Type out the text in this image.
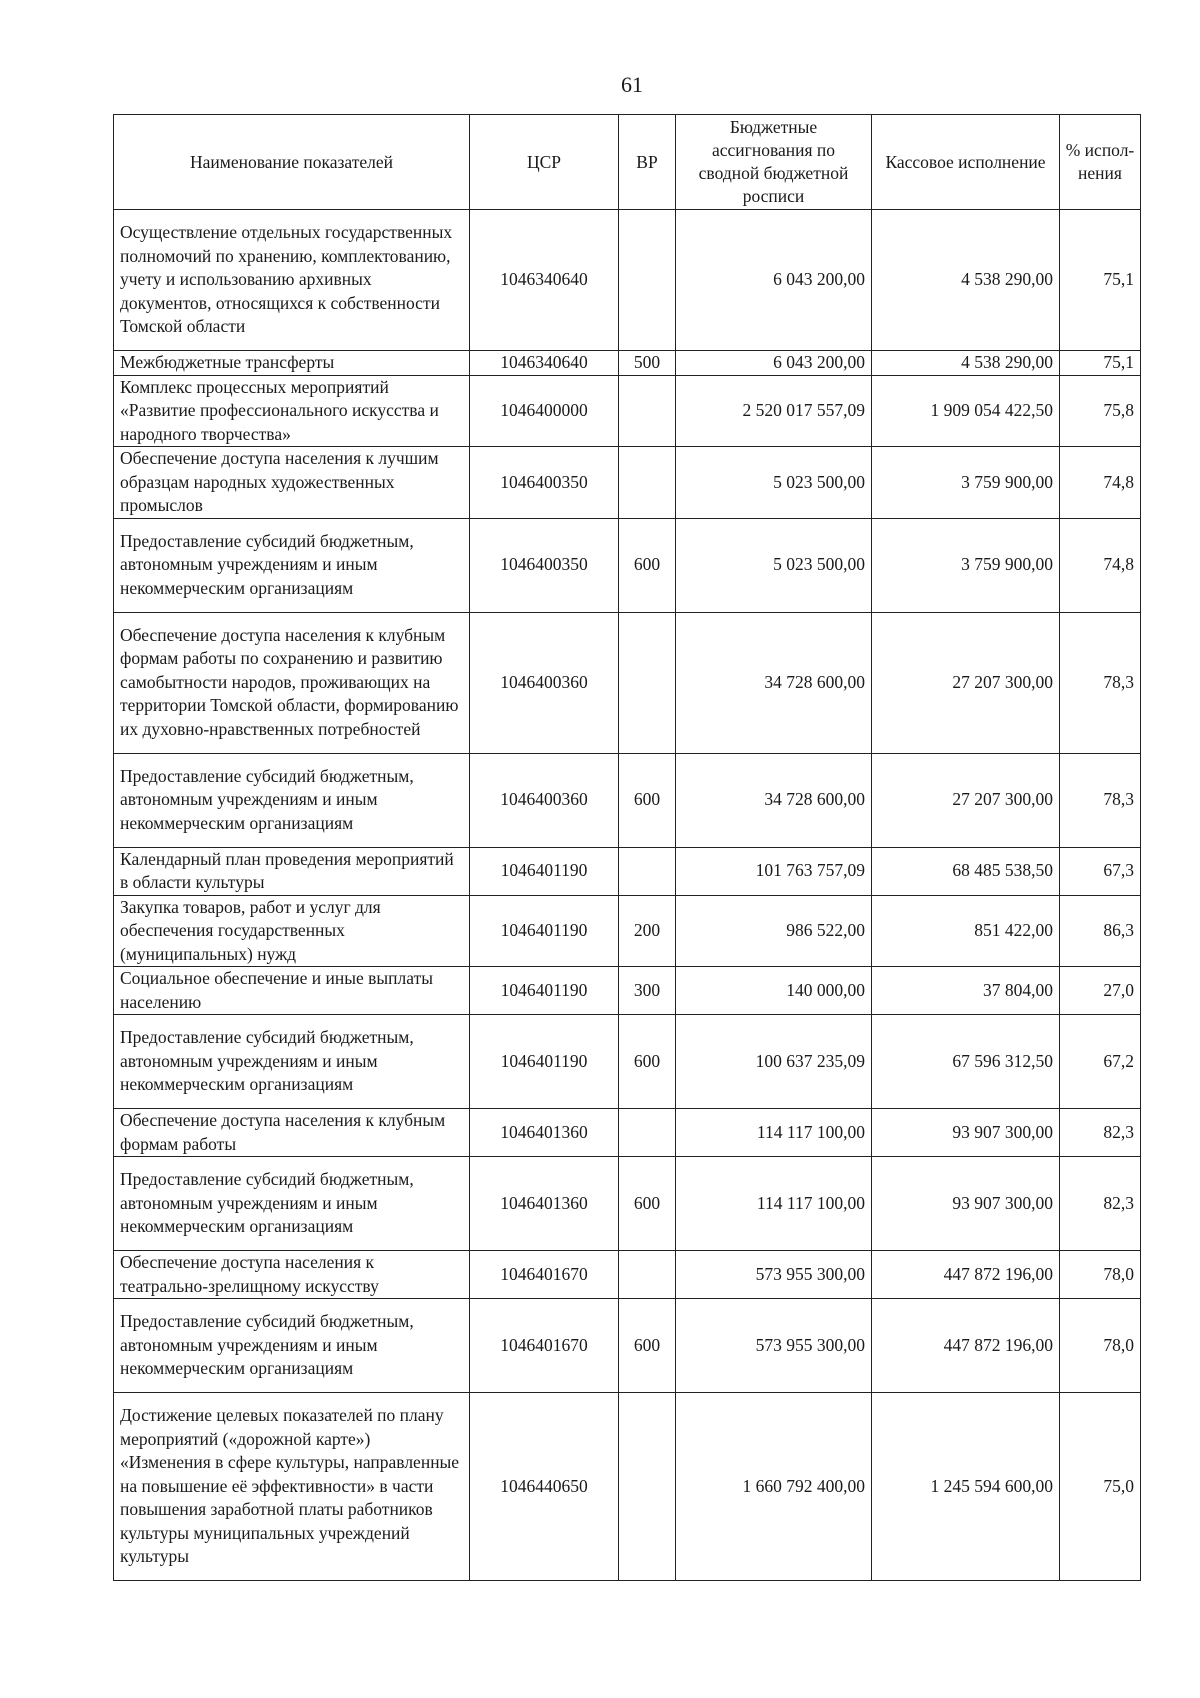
61
Наименование показателей	ЦСР	ВР	Бюджетные ассигнования по сводной бюджетной росписи	Кассовое исполнение	% испол-нения
Осуществление отдельных государственных полномочий по хранению, комплектованию, учету и использованию архивных документов, относящихся к собственности Томской области	1046340640		6 043 200,00	4 538 290,00	75,1
Межбюджетные трансферты	1046340640	500	6 043 200,00	4 538 290,00	75,1
Комплекс процессных мероприятий «Развитие профессионального искусства и народного творчества»	1046400000		2 520 017 557,09	1 909 054 422,50	75,8
Обеспечение доступа населения к лучшим образцам народных художественных промыслов	1046400350		5 023 500,00	3 759 900,00	74,8
Предоставление субсидий бюджетным, автономным учреждениям и иным некоммерческим организациям	1046400350	600	5 023 500,00	3 759 900,00	74,8
Обеспечение доступа населения к клубным формам работы по сохранению и развитию самобытности народов, проживающих на территории Томской области, формированию их духовно-нравственных потребностей	1046400360		34 728 600,00	27 207 300,00	78,3
Предоставление субсидий бюджетным, автономным учреждениям и иным некоммерческим организациям	1046400360	600	34 728 600,00	27 207 300,00	78,3
Календарный план проведения мероприятий в области культуры	1046401190		101 763 757,09	68 485 538,50	67,3
Закупка товаров, работ и услуг для обеспечения государственных (муниципальных) нужд	1046401190	200	986 522,00	851 422,00	86,3
Социальное обеспечение и иные выплаты населению	1046401190	300	140 000,00	37 804,00	27,0
Предоставление субсидий бюджетным, автономным учреждениям и иным некоммерческим организациям	1046401190	600	100 637 235,09	67 596 312,50	67,2
Обеспечение доступа населения к клубным формам работы	1046401360		114 117 100,00	93 907 300,00	82,3
Предоставление субсидий бюджетным, автономным учреждениям и иным некоммерческим организациям	1046401360	600	114 117 100,00	93 907 300,00	82,3
Обеспечение доступа населения к театрально-зрелищному искусству	1046401670		573 955 300,00	447 872 196,00	78,0
Предоставление субсидий бюджетным, автономным учреждениям и иным некоммерческим организациям	1046401670	600	573 955 300,00	447 872 196,00	78,0
Достижение целевых показателей по плану мероприятий («дорожной карте») «Изменения в сфере культуры, направленные на повышение её эффективности» в части повышения заработной платы работников культуры муниципальных учреждений культуры	1046440650		1 660 792 400,00	1 245 594 600,00	75,0
